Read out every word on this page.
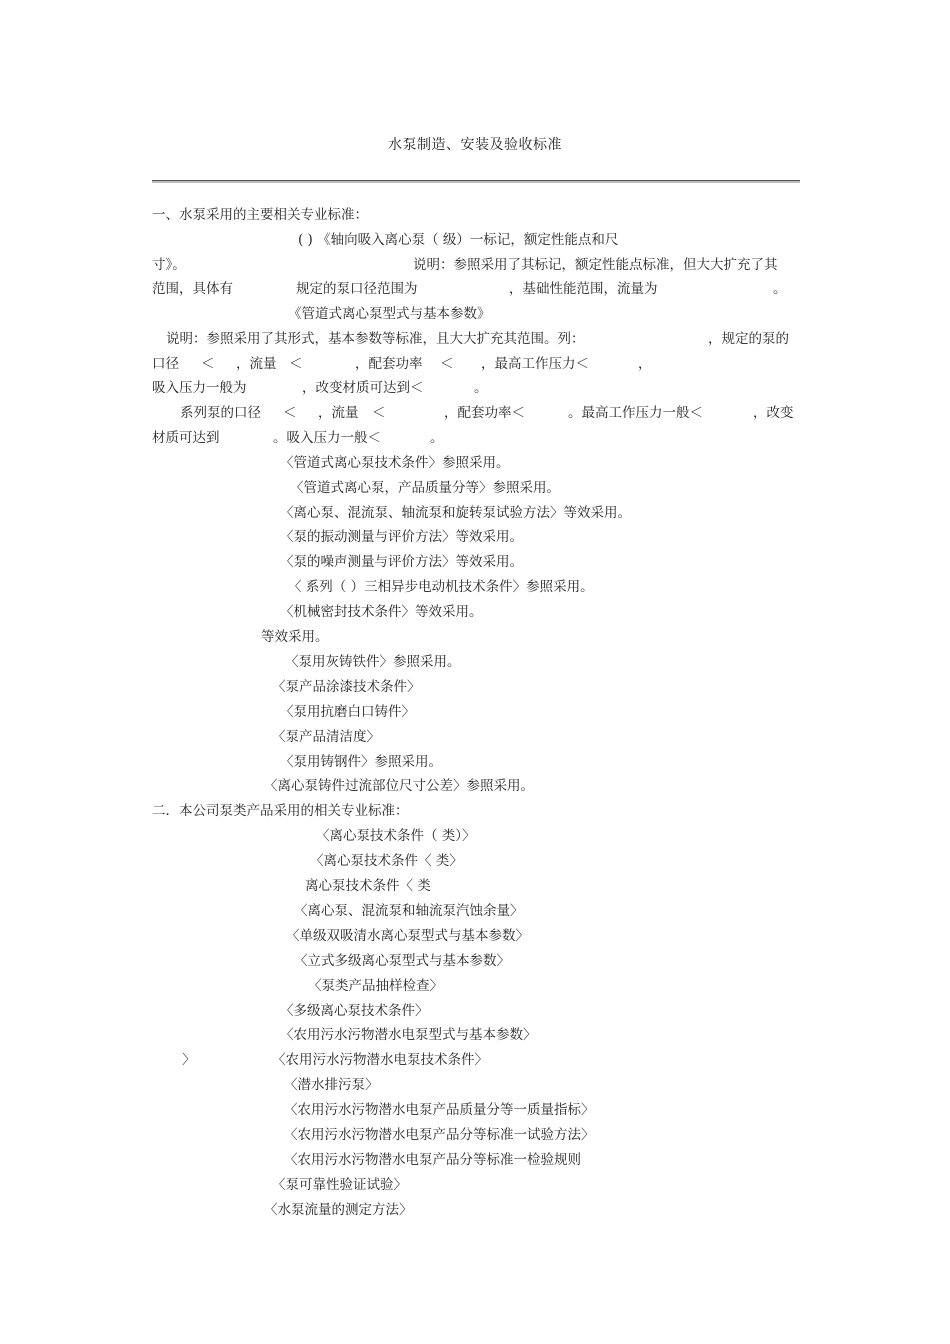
水泵制造、安装及验收标准
一、水泵采用的主要相关专业标准：
( ) 《轴向吸入离心泵（ 级）一标记，额定性能点和尺
寸》。	说明：参照采用了其标记，额定性能点标准，但大大扩充了其
范围，具体有	规定的泵口径范围为	，基础性能范围，流量为	。
《管道式离心泵型式与基本参数》
说明：参照采用了其形式，基本参数等标准，且大大扩充其范围。列：	，规定的泵的
口径 ＜ ，流量 ＜	，配套功率 ＜ ，最高工作压力＜	，
吸入压力一般为	，改变材质可达到＜	。
系列泵的口径 ＜ ，流量 ＜	，配套功率＜	。最高工作压力一般＜	，改变
材质可达到	。吸入压力一般＜	。
〈管道式离心泵技术条件〉参照采用。
〈管道式离心泵，产品质量分等〉参照采用。
〈离心泵、混流泵、轴流泵和旋转泵试验方法〉等效采用。
〈泵的振动测量与评价方法〉等效采用。
〈泵的噪声测量与评价方法〉等效采用。
〈 系列（ ）三相异步电动机技术条件〉参照采用。
〈机械密封技术条件〉等效采用。
等效采用。
〈泵用灰铸铁件〉参照采用。
〈泵产品涂漆技术条件〉
〈泵用抗磨白口铸件〉
〈泵产品清洁度〉
〈泵用铸钢件〉参照采用。
〈离心泵铸件过流部位尺寸公差〉参照采用。
二．本公司泵类产品采用的相关专业标准：
〈离心泵技术条件（ 类）〉
〈离心泵技术条件〈 类〉
离心泵技术条件〈 类
〈离心泵、混流泵和轴流泵汽蚀余量〉
〈单级双吸清水离心泵型式与基本参数〉
〈立式多级离心泵型式与基本参数〉
〈泵类产品抽样检查〉
〈多级离心泵技术条件〉
〈农用污水污物潜水电泵型式与基本参数〉
〉	〈农用污水污物潜水电泵技术条件〉
〈潜水排污泵〉
〈农用污水污物潜水电泵产品质量分等一质量指标〉
〈农用污水污物潜水电泵产品分等标准一试验方法〉
〈农用污水污物潜水电泵产品分等标准一检验规则
〈泵可靠性验证试验〉
〈水泵流量的测定方法〉
